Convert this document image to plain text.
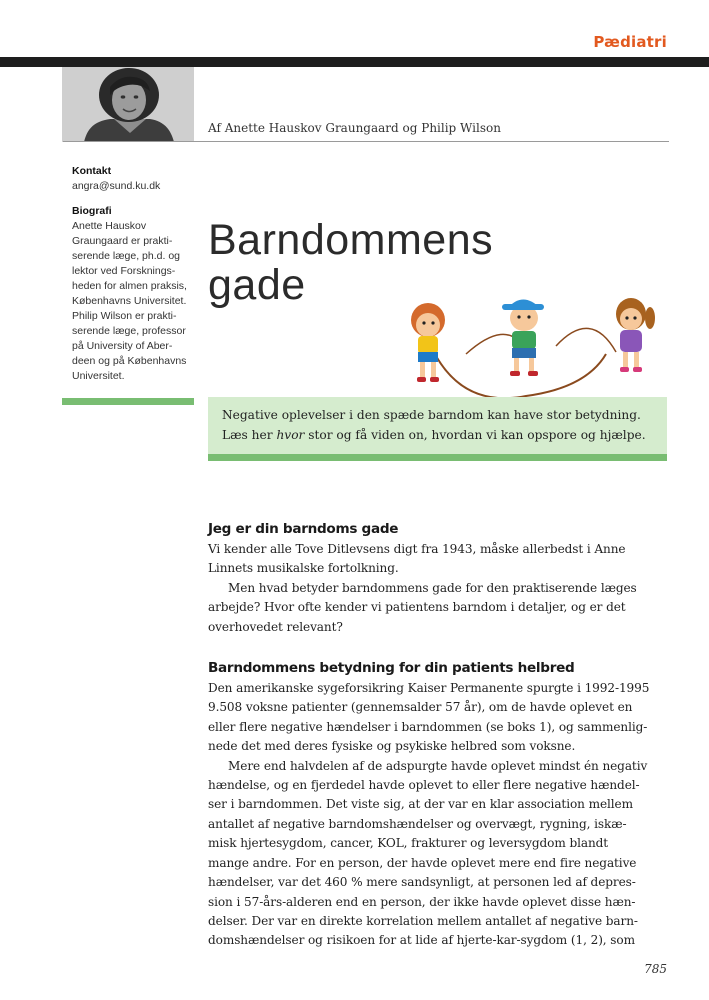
Pædiatri
Af Anette Hauskov Graungaard og Philip Wilson
Kontakt
angra@sund.ku.dk
Biografi
Anette Hauskov
Graungaard er prakti-
serende læge, ph.d. og
lektor ved Forsknings-
heden for almen praksis,
Københavns Universitet.
Philip Wilson er prakti-
serende læge, professor
på University of Aber-
deen og på Københavns
Universitet.
Barndommens
gade
Negative oplevelser i den spæde barndom kan have stor betydning.
Læs her hvor stor og få viden on, hvordan vi kan opspore og hjælpe.
Jeg er din barndoms gade

Vi kender alle Tove Ditlevsens digt fra 1943, måske allerbedst i Anne

Linnets musikalske fortolkning.

Men hvad betyder barndommens gade for den praktiserende læges

arbejde? Hvor ofte kender vi patientens barndom i detaljer, og er det

overhovedet relevant?

Barndommens betydning for din patients helbred

Den amerikanske sygeforsikring Kaiser Permanente spurgte i 1992-1995

9.508 voksne patienter (gennemsalder 57 år), om de havde oplevet en

eller flere negative hændelser i barndommen (se boks 1), og sammenlig-

nede det med deres fysiske og psykiske helbred som voksne.

Mere end halvdelen af de adspurgte havde oplevet mindst én negativ

hændelse, og en fjerdedel havde oplevet to eller flere negative hændel-

ser i barndommen. Det viste sig, at der var en klar association mellem

antallet af negative barndomshændelser og overvægt, rygning, iskæ-

misk hjertesygdom, cancer, KOL, frakturer og leversygdom blandt

mange andre. For en person, der havde oplevet mere end fire negative

hændelser, var det 460 % mere sandsynligt, at personen led af depres-

sion i 57-års-alderen end en person, der ikke havde oplevet disse hæn-

delser. Der var en direkte korrelation mellem antallet af negative barn-

domshændelser og risikoen for at lide af hjerte-kar-sygdom (1, 2), som

785
